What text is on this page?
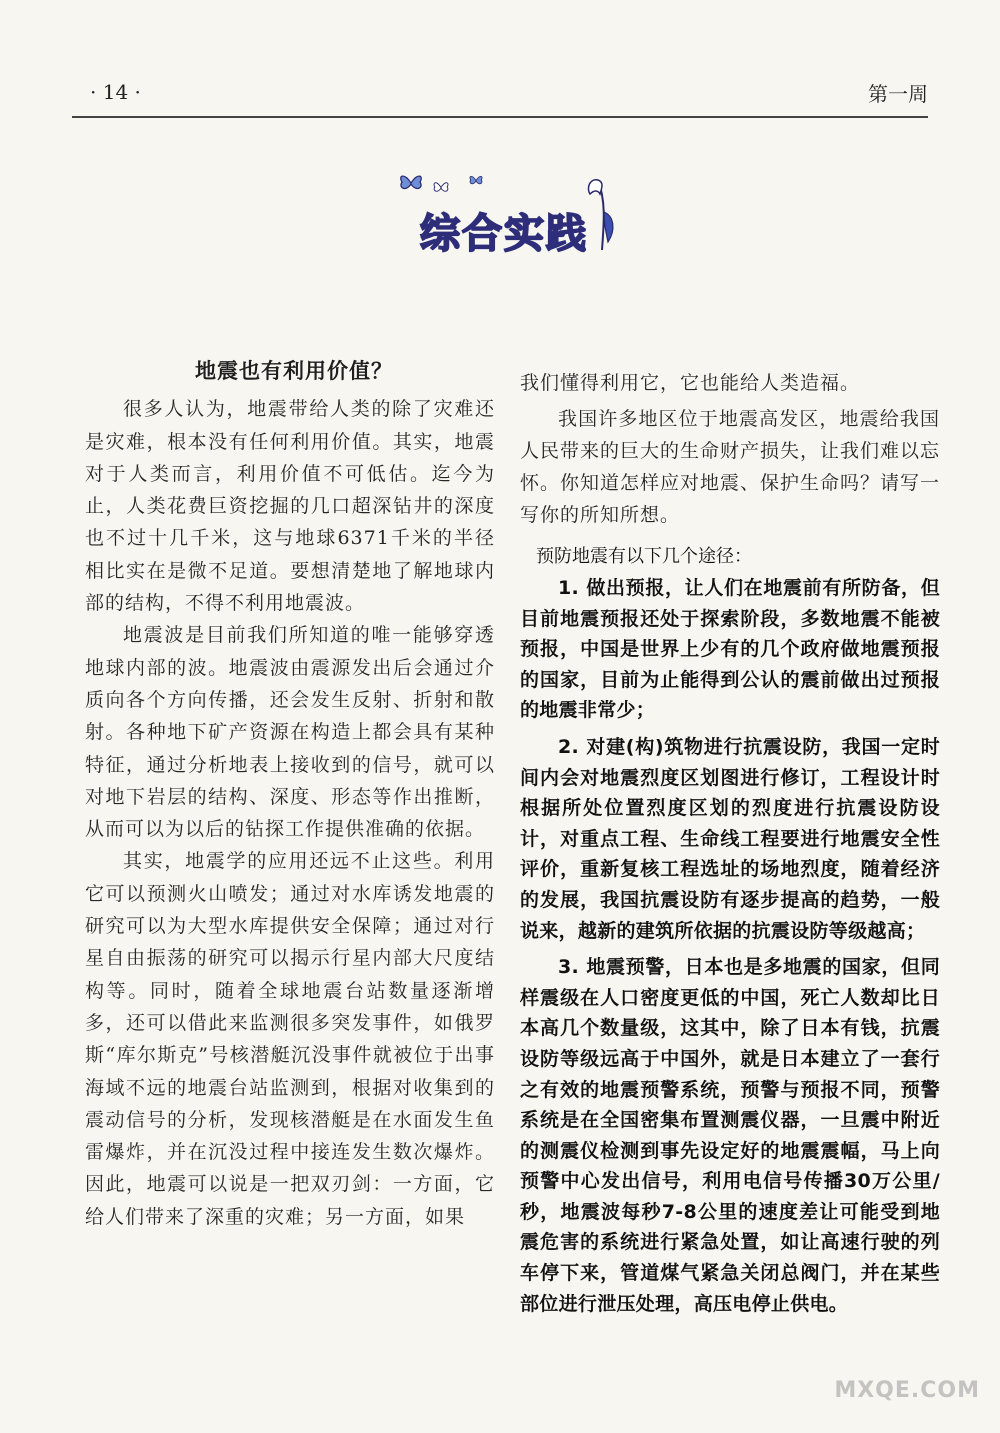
· 14 ·	第一周
综合实践
地震也有利用价值？

很多人认为，地震带给人类的除了灾难还是灾难，根本没有任何利用价值。其实，地震对于人类而言，利用价值不可低估。迄今为止，人类花费巨资挖掘的几口超深钻井的深度也不过十几千米，这与地球6371千米的半径相比实在是微不足道。要想清楚地了解地球内部的结构，不得不利用地震波。

地震波是目前我们所知道的唯一能够穿透地球内部的波。地震波由震源发出后会通过介质向各个方向传播，还会发生反射、折射和散射。各种地下矿产资源在构造上都会具有某种特征，通过分析地表上接收到的信号，就可以对地下岩层的结构、深度、形态等作出推断，从而可以为以后的钻探工作提供准确的依据。

其实，地震学的应用还远不止这些。利用它可以预测火山喷发；通过对水库诱发地震的研究可以为大型水库提供安全保障；通过对行星自由振荡的研究可以揭示行星内部大尺度结构等。同时，随着全球地震台站数量逐渐增多，还可以借此来监测很多突发事件，如俄罗斯“库尔斯克”号核潜艇沉没事件就被位于出事海域不远的地震台站监测到，根据对收集到的震动信号的分析，发现核潜艇是在水面发生鱼雷爆炸，并在沉没过程中接连发生数次爆炸。因此，地震可以说是一把双刃剑：一方面，它给人们带来了深重的灾难；另一方面，如果

我们懂得利用它，它也能给人类造福。

我国许多地区位于地震高发区，地震给我国人民带来的巨大的生命财产损失，让我们难以忘怀。你知道怎样应对地震、保护生命吗？请写一写你的所知所想。

预防地震有以下几个途径：

1. 做出预报，让人们在地震前有所防备，但目前地震预报还处于探索阶段，多数地震不能被预报，中国是世界上少有的几个政府做地震预报的国家，目前为止能得到公认的震前做出过预报的地震非常少；

2. 对建(构)筑物进行抗震设防，我国一定时间内会对地震烈度区划图进行修订，工程设计时根据所处位置烈度区划的烈度进行抗震设防设计，对重点工程、生命线工程要进行地震安全性评价，重新复核工程选址的场地烈度，随着经济的发展，我国抗震设防有逐步提高的趋势，一般说来，越新的建筑所依据的抗震设防等级越高；

3. 地震预警，日本也是多地震的国家，但同样震级在人口密度更低的中国，死亡人数却比日本高几个数量级，这其中，除了日本有钱，抗震设防等级远高于中国外，就是日本建立了一套行之有效的地震预警系统，预警与预报不同，预警系统是在全国密集布置测震仪器，一旦震中附近的测震仪检测到事先设定好的地震震幅，马上向预警中心发出信号，利用电信号传播30万公里/秒，地震波每秒7-8公里的速度差让可能受到地震危害的系统进行紧急处置，如让高速行驶的列车停下来，管道煤气紧急关闭总阀门，并在某些部位进行泄压处理，高压电停止供电。

MXQE.COM
